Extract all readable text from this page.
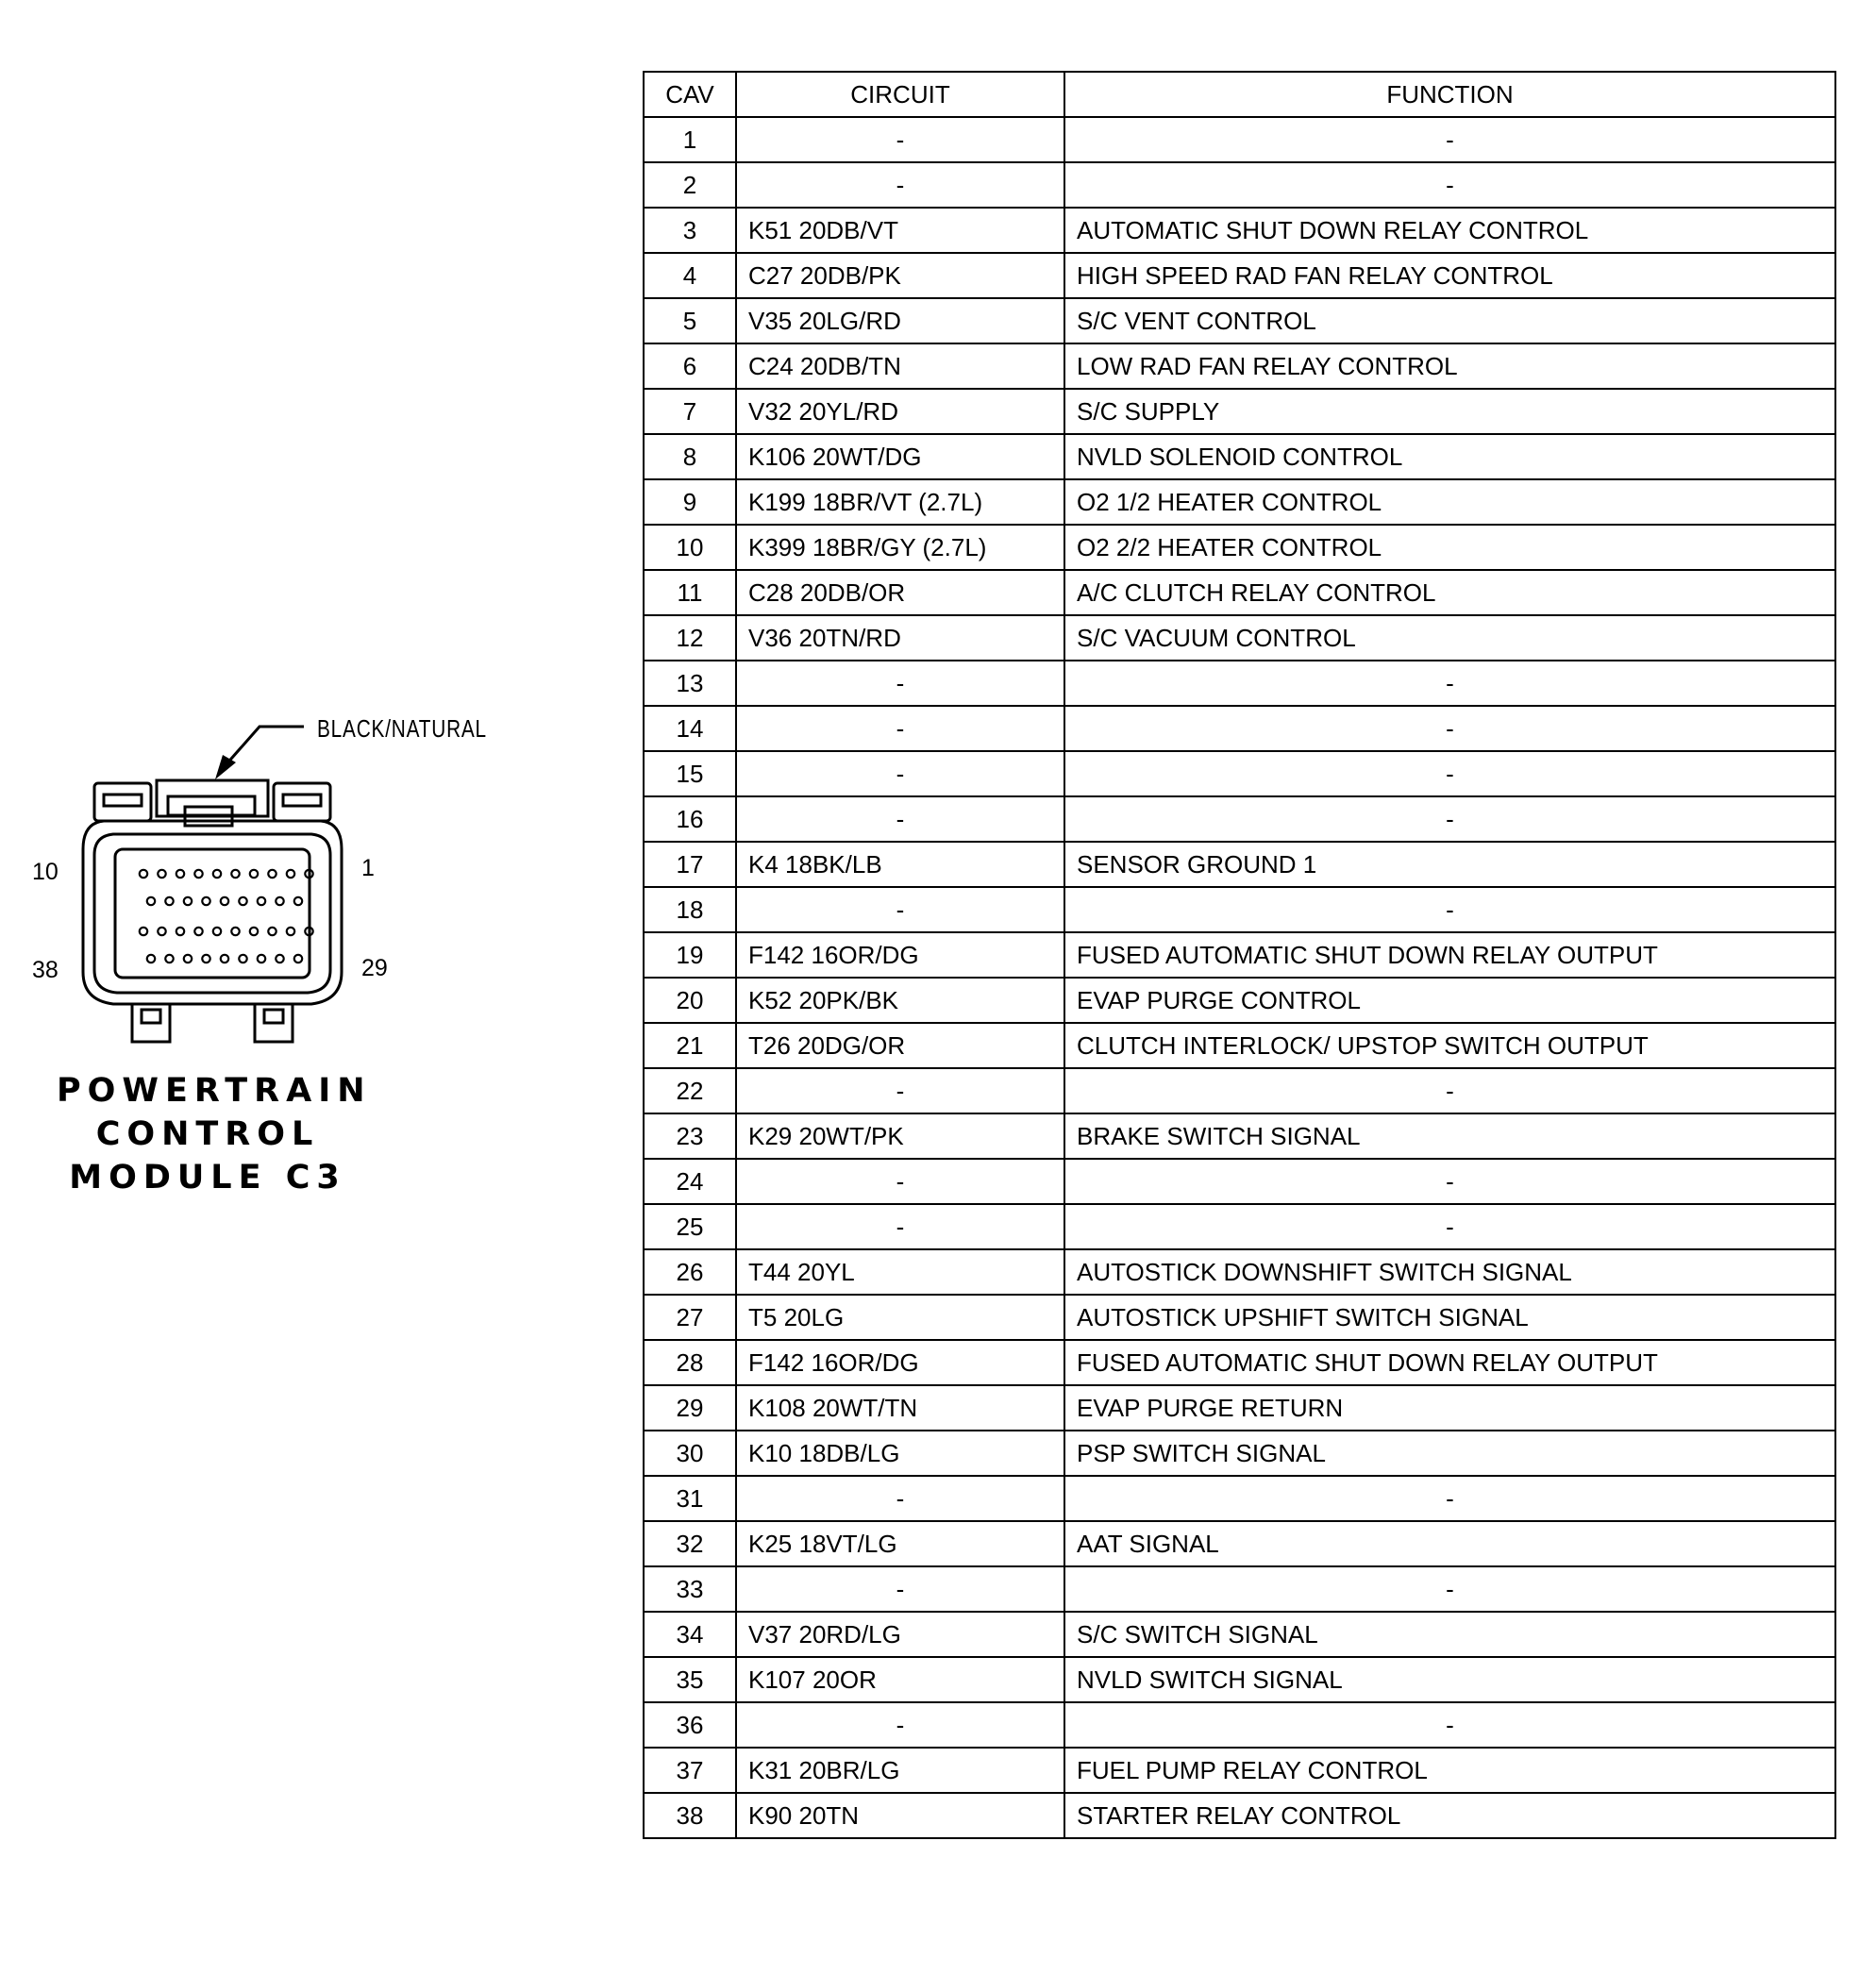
BLACK/NATURAL
10	1
38	29
POWERTRAIN
CONTROL
MODULE C3
CAV	CIRCUIT	FUNCTION
1	-	-
2	-	-
3	K51 20DB/VT	AUTOMATIC SHUT DOWN RELAY CONTROL
4	C27 20DB/PK	HIGH SPEED RAD FAN RELAY CONTROL
5	V35 20LG/RD	S/C VENT CONTROL
6	C24 20DB/TN	LOW RAD FAN RELAY CONTROL
7	V32 20YL/RD	S/C SUPPLY
8	K106 20WT/DG	NVLD SOLENOID CONTROL
9	K199 18BR/VT (2.7L)	O2 1/2 HEATER CONTROL
10	K399 18BR/GY (2.7L)	O2 2/2 HEATER CONTROL
11	C28 20DB/OR	A/C CLUTCH RELAY CONTROL
12	V36 20TN/RD	S/C VACUUM CONTROL
13	-	-
14	-	-
15	-	-
16	-	-
17	K4 18BK/LB	SENSOR GROUND 1
18	-	-
19	F142 16OR/DG	FUSED AUTOMATIC SHUT DOWN RELAY OUTPUT
20	K52 20PK/BK	EVAP PURGE CONTROL
21	T26 20DG/OR	CLUTCH INTERLOCK/ UPSTOP SWITCH OUTPUT
22	-	-
23	K29 20WT/PK	BRAKE SWITCH SIGNAL
24	-	-
25	-	-
26	T44 20YL	AUTOSTICK DOWNSHIFT SWITCH SIGNAL
27	T5 20LG	AUTOSTICK UPSHIFT SWITCH SIGNAL
28	F142 16OR/DG	FUSED AUTOMATIC SHUT DOWN RELAY OUTPUT
29	K108 20WT/TN	EVAP PURGE RETURN
30	K10 18DB/LG	PSP SWITCH SIGNAL
31	-	-
32	K25 18VT/LG	AAT SIGNAL
33	-	-
34	V37 20RD/LG	S/C SWITCH SIGNAL
35	K107 20OR	NVLD SWITCH SIGNAL
36	-	-
37	K31 20BR/LG	FUEL PUMP RELAY CONTROL
38	K90 20TN	STARTER RELAY CONTROL
